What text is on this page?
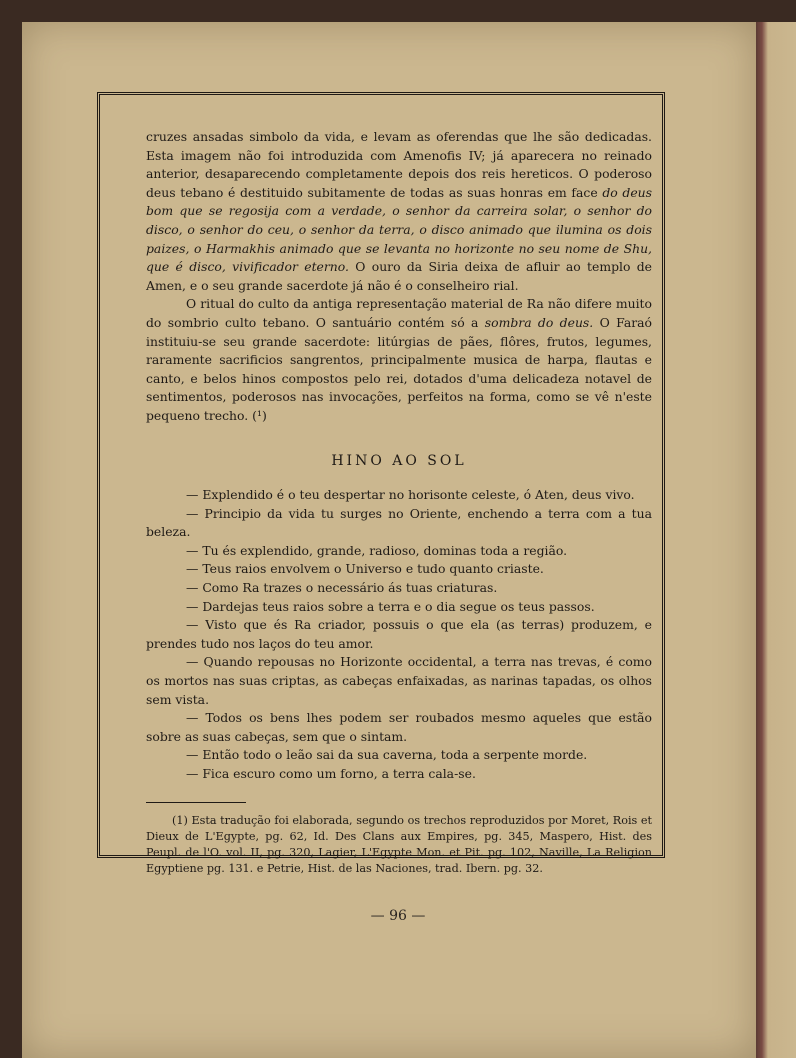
cruzes ansadas simbolo da vida, e levam as oferendas que lhe são dedicadas. Esta imagem não foi introduzida com Amenofis IV; já aparecera no reinado anterior, desaparecendo completamente depois dos reis hereticos. O poderoso deus tebano é destituido subitamente de todas as suas honras em face do deus bom que se regosija com a verdade, o senhor da carreira solar, o senhor do disco, o senhor do ceu, o senhor da terra, o disco animado que ilumina os dois paizes, o Harmakhis animado que se levanta no horizonte no seu nome de Shu, que é disco, vivificador eterno. O ouro da Siria deixa de afluir ao templo de Amen, e o seu grande sacerdote já não é o conselheiro rial.

O ritual do culto da antiga representação material de Ra não difere muito do sombrio culto tebano. O santuário contém só a sombra do deus. O Faraó instituiu-se seu grande sacerdote: litúrgias de pães, flôres, frutos, legumes, raramente sacrificios sangrentos, principalmente musica de harpa, flautas e canto, e belos hinos compostos pelo rei, dotados d'uma delicadeza notavel de sentimentos, poderosos nas invocações, perfeitos na forma, como se vê n'este pequeno trecho. (¹)

HINO AO SOL

— Explendido é o teu despertar no horisonte celeste, ó Aten, deus vivo.

— Principio da vida tu surges no Oriente, enchendo a terra com a tua beleza.

— Tu és explendido, grande, radioso, dominas toda a região.

— Teus raios envolvem o Universo e tudo quanto criaste.

— Como Ra trazes o necessário ás tuas criaturas.

— Dardejas teus raios sobre a terra e o dia segue os teus passos.

— Visto que és Ra criador, possuis o que ela (as terras) produzem, e prendes tudo nos laços do teu amor.

— Quando repousas no Horizonte occidental, a terra nas trevas, é como os mortos nas suas criptas, as cabeças enfaixadas, as narinas tapadas, os olhos sem vista.

— Todos os bens lhes podem ser roubados mesmo aqueles que estão sobre as suas cabeças, sem que o sintam.

— Então todo o leão sai da sua caverna, toda a serpente morde.

— Fica escuro como um forno, a terra cala-se.

(1) Esta tradução foi elaborada, segundo os trechos reproduzidos por Moret, Rois et Dieux de L'Egypte, pg. 62, Id. Des Clans aux Empires, pg. 345, Maspero, Hist. des Peupl. de l'O. vol. II, pg. 320, Lagier, L'Egypte Mon. et Pit. pg. 102, Naville, La Religion Egyptiene pg. 131. e Petrie, Hist. de las Naciones, trad. Ibern. pg. 32.

— 96 —
